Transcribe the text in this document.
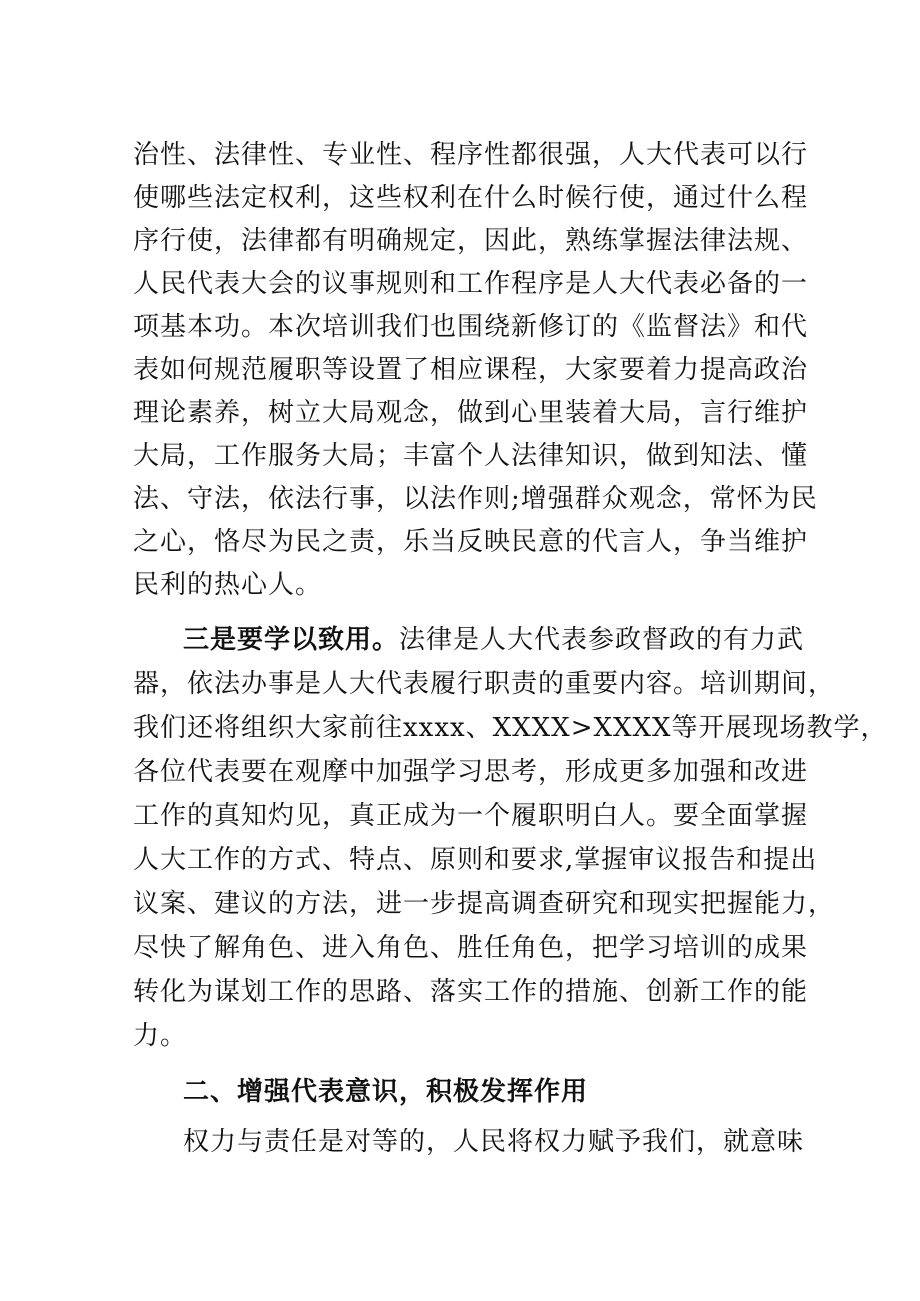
治性、法律性、专业性、程序性都很强，人大代表可以行
使哪些法定权利，这些权利在什么时候行使，通过什么程
序行使，法律都有明确规定，因此，熟练掌握法律法规、
人民代表大会的议事规则和工作程序是人大代表必备的一
项基本功。本次培训我们也围绕新修订的《监督法》和代
表如何规范履职等设置了相应课程，大家要着力提高政治
理论素养，树立大局观念，做到心里装着大局，言行维护
大局，工作服务大局；丰富个人法律知识，做到知法、懂
法、守法，依法行事，以法作则;增强群众观念，常怀为民
之心，恪尽为民之责，乐当反映民意的代言人，争当维护
民利的热心人。
三是要学以致用。法律是人大代表参政督政的有力武
器，依法办事是人大代表履行职责的重要内容。培训期间，
我们还将组织大家前往xxxx、XXXX>XXXX等开展现场教学，
各位代表要在观摩中加强学习思考，形成更多加强和改进
工作的真知灼见，真正成为一个履职明白人。要全面掌握
人大工作的方式、特点、原则和要求,掌握审议报告和提出
议案、建议的方法，进一步提高调查研究和现实把握能力，
尽快了解角色、进入角色、胜任角色，把学习培训的成果
转化为谋划工作的思路、落实工作的措施、创新工作的能
力。
二、增强代表意识，积极发挥作用
权力与责任是对等的，人民将权力赋予我们，就意味
